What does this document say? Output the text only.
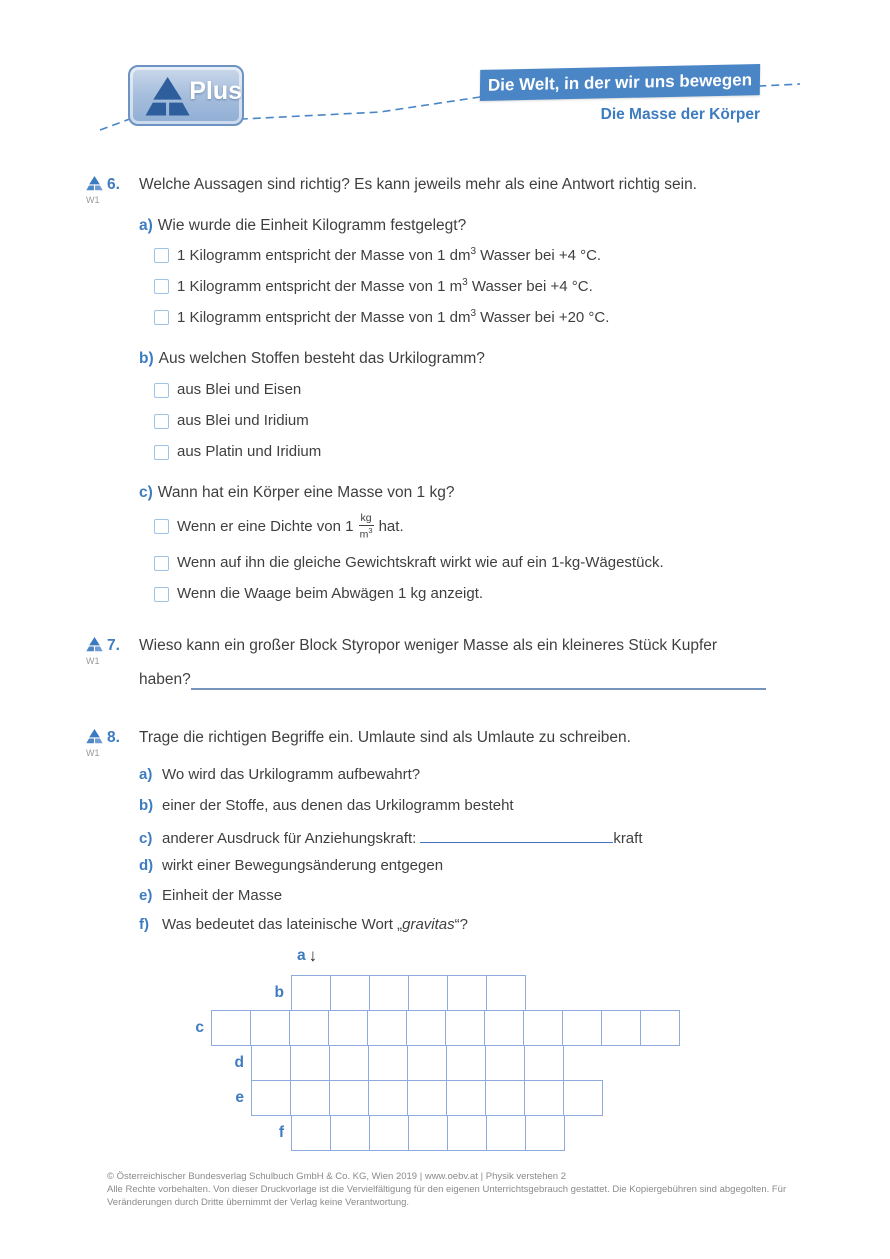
Plus	Die Welt, in der wir uns bewegen
Die Masse der Körper
W1
6. Welche Aussagen sind richtig? Es kann jeweils mehr als eine Antwort richtig sein.
a) Wie wurde die Einheit Kilogramm festgelegt?
1 Kilogramm entspricht der Masse von 1 $dm^3$ Wasser bei +4 °C.
1 Kilogramm entspricht der Masse von 1 $m^3$ Wasser bei +4 °C.
1 Kilogramm entspricht der Masse von 1 $dm^3$ Wasser bei +20 °C.
b) Aus welchen Stoffen besteht das Urkilogramm?
aus Blei und Eisen
aus Blei und Iridium
aus Platin und Iridium
c) Wann hat ein Körper eine Masse von 1 kg?
Wenn er eine Dichte von $1 \frac{kg}{m^3}$ hat.
Wenn auf ihn die gleiche Gewichtskraft wirkt wie auf ein 1-kg-Wägestück.
Wenn die Waage beim Abwägen 1 kg anzeigt.
W1
7. Wieso kann ein großer Block Styropor weniger Masse als ein kleineres Stück Kupfer
haben?
W1
8. Trage die richtigen Begriffe ein. Umlaute sind als Umlaute zu schreiben.
a) Wo wird das Urkilogramm aufbewahrt?
b) einer der Stoffe, aus denen das Urkilogramm besteht
c) anderer Ausdruck für Anziehungskraft:	kraft
d) wirkt einer Bewegungsänderung entgegen
e) Einheit der Masse
f) Was bedeutet das lateinische Wort „gravitas“?
a ↓
b
c
d
e
f
© Österreichischer Bundesverlag Schulbuch GmbH & Co. KG, Wien 2019 | www.oebv.at | Physik verstehen 2
Alle Rechte vorbehalten. Von dieser Druckvorlage ist die Vervielfältigung für den eigenen Unterrichtsgebrauch gestattet. Die Kopiergebühren sind abgegolten. Für
Veränderungen durch Dritte übernimmt der Verlag keine Verantwortung.
